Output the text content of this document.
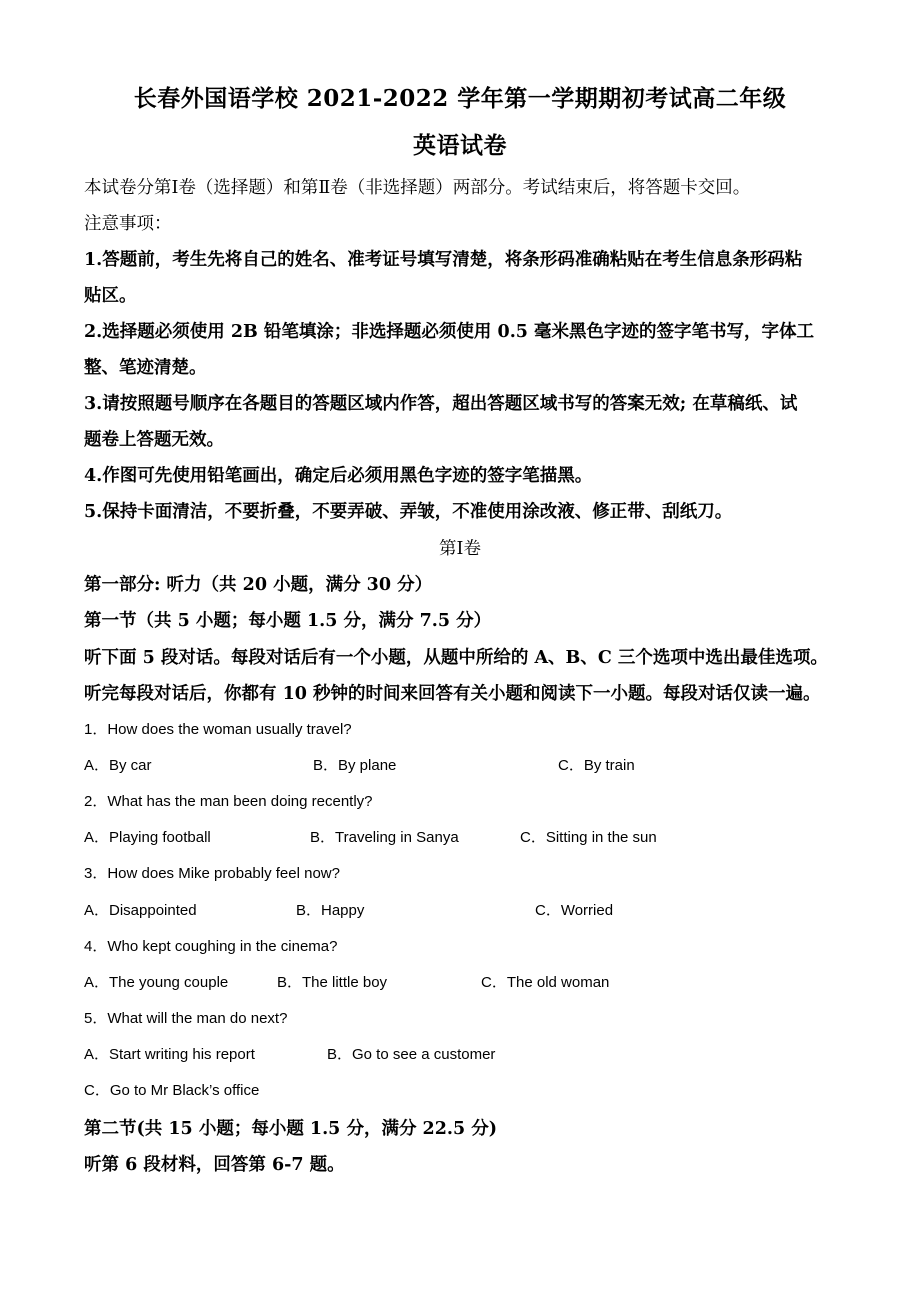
长春外国语学校 2021-2022 学年第一学期期初考试高二年级
英语试卷
本试卷分第Ⅰ卷（选择题）和第Ⅱ卷（非选择题）两部分。考试结束后，将答题卡交回。
注意事项：
1.答题前，考生先将自己的姓名、准考证号填写清楚，将条形码准确粘贴在考生信息条形码粘
贴区。
2.选择题必须使用 2B 铅笔填涂；非选择题必须使用 0.5 毫米黑色字迹的签字笔书写，字体工
整、笔迹清楚。
3.请按照题号顺序在各题目的答题区域内作答，超出答题区域书写的答案无效; 在草稿纸、试
题卷上答题无效。
4.作图可先使用铅笔画出，确定后必须用黑色字迹的签字笔描黑。
5.保持卡面清洁，不要折叠，不要弄破、弄皱，不准使用涂改液、修正带、刮纸刀。
第Ⅰ卷
第一部分: 听力（共 20 小题，满分 30 分）
第一节（共 5 小题；每小题 1.5 分，满分 7.5 分）
听下面 5 段对话。每段对话后有一个小题，从题中所给的 A、B、C 三个选项中选出最佳选项。
听完每段对话后，你都有 10 秒钟的时间来回答有关小题和阅读下一小题。每段对话仅读一遍。
1．How does the woman usually travel?
A．By car	B．By plane	C．By train
2．What has the man been doing recently?
A．Playing football	B．Traveling in Sanya	C．Sitting in the sun
3．How does Mike probably feel now?
A．Disappointed	B．Happy	C．Worried
4．Who kept coughing in the cinema?
A．The young couple	B．The little boy	C．The old woman
5．What will the man do next?
A．Start writing his report	B．Go to see a customer
C．Go to Mr Black’s office
第二节(共 15 小题；每小题 1.5 分，满分 22.5 分)
听第 6 段材料，回答第 6-7 题。
